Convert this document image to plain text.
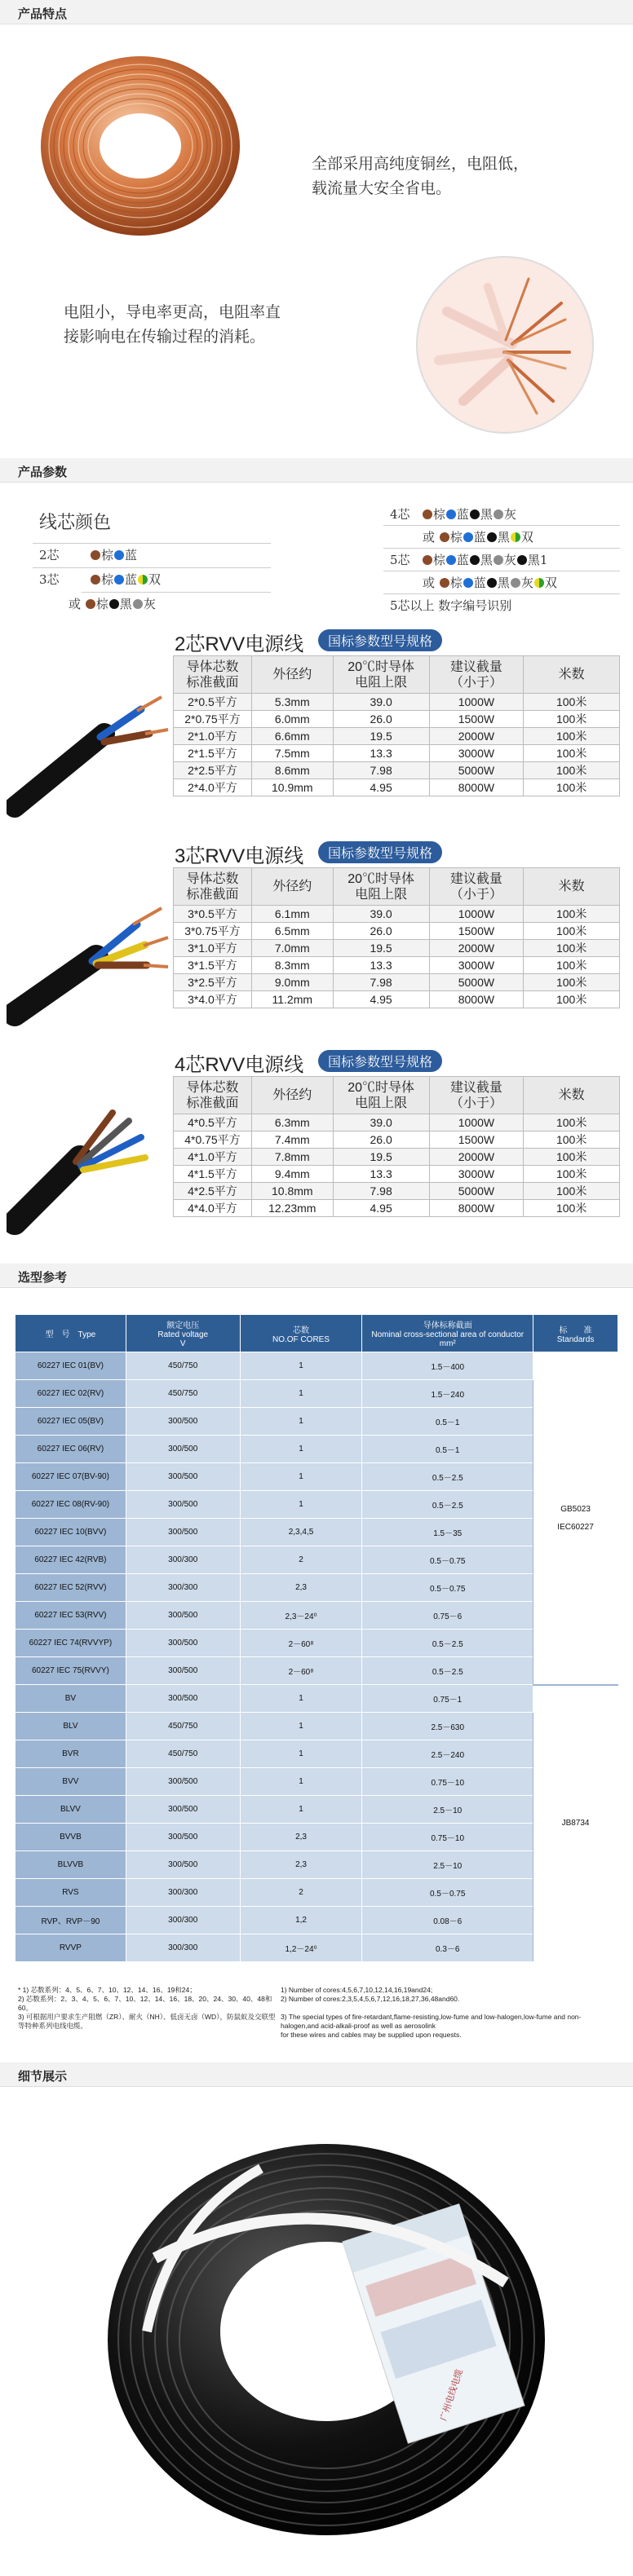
产品特点
全部采用高纯度铜丝，电阻低，
载流量大安全省电。
电阻小，导电率更高，电阻率直
接影响电在传输过程的消耗。
产品参数
线芯颜色
2芯	棕 蓝
3芯	棕 蓝 双
或 棕 黑 灰
4芯   棕 蓝 黑 灰
或 棕 蓝 黑 双
5芯   棕 蓝 黑 灰 黑1
或 棕 蓝 黑 灰 双
5芯以上 数字编号识别
2芯RVV电源线	国标参数型号规格
导体芯数
标准截面	外径约	20℃时导体
电阻上限	建议截量
（小于）	米数
2*0.5平方	5.3mm	39.0	1000W	100米
2*0.75平方	6.0mm	26.0	1500W	100米
2*1.0平方	6.6mm	19.5	2000W	100米
2*1.5平方	7.5mm	13.3	3000W	100米
2*2.5平方	8.6mm	7.98	5000W	100米
2*4.0平方	10.9mm	4.95	8000W	100米
3芯RVV电源线	国标参数型号规格
导体芯数
标准截面	外径约	20℃时导体
电阻上限	建议截量
（小于）	米数
3*0.5平方	6.1mm	39.0	1000W	100米
3*0.75平方	6.5mm	26.0	1500W	100米
3*1.0平方	7.0mm	19.5	2000W	100米
3*1.5平方	8.3mm	13.3	3000W	100米
3*2.5平方	9.0mm	7.98	5000W	100米
3*4.0平方	11.2mm	4.95	8000W	100米
4芯RVV电源线	国标参数型号规格
导体芯数
标准截面	外径约	20℃时导体
电阻上限	建议截量
（小于）	米数
4*0.5平方	6.3mm	39.0	1000W	100米
4*0.75平方	7.4mm	26.0	1500W	100米
4*1.0平方	7.8mm	19.5	2000W	100米
4*1.5平方	9.4mm	13.3	3000W	100米
4*2.5平方	10.8mm	7.98	5000W	100米
4*4.0平方	12.23mm	4.95	8000W	100米
选型参考
型　号　Type	额定电压
Rated voltage
V	芯数
NO.OF CORES	导体标称截面
Nominal cross-sectional area of conductor
mm²	标　　准
Standards
60227 IEC 01(BV)	450/750	1	1.5－400	GB5023

IEC60227
60227 IEC 02(RV)	450/750	1	1.5－240	
60227 IEC 05(BV)	300/500	1	0.5－1	
60227 IEC 06(RV)	300/500	1	0.5－1	
60227 IEC 07(BV-90)	300/500	1	0.5－2.5	
60227 IEC 08(RV-90)	300/500	1	0.5－2.5	
60227 IEC 10(BVV)	300/500	2,3,4,5	1.5－35	
60227 IEC 42(RVB)	300/300	2	0.5－0.75	
60227 IEC 52(RVV)	300/300	2,3	0.5－0.75	
60227 IEC 53(RVV)	300/500	2,3－24⁰	0.75－6	
60227 IEC 74(RVVYP)	300/500	2－60⁸	0.5－2.5	
60227 IEC 75(RVVY)	300/500	2－60⁸	0.5－2.5	
BV	300/500	1	0.75－1	JB8734
BLV	450/750	1	2.5－630	
BVR	450/750	1	2.5－240	
BVV	300/500	1	0.75－10	
BLVV	300/500	1	2.5－10	
BVVB	300/500	2,3	0.75－10	
BLVVB	300/500	2,3	2.5－10	
RVS	300/300	2	0.5－0.75	
RVP、RVP－90	300/300	1,2	0.08－6	
RVVP	300/300	1,2－24⁰	0.3－6	
* 1) 芯数系列：4、5、6、7、10、12、14、16、19和24；
2) 芯数系列：2、3、4、5、6、7、10、12、14、16、18、20、24、30、40、48和60。
3) 可根据用户要求生产阻燃（ZR）、耐火（NH）、低卤无卤（WD），防鼠蚁及交联型等特种系列电线电缆。
1) Number of cores:4,5,6,7,10,12,14,16,19and24;
2) Number of cores:2,3,5,4,5,6,7,12,16,18,27,36,48and60.
3) The special types of fire-retardant,flame-resisting,low-fume and low-halogen,low-fume and non-halogen,and acid-alkali-proof as well as aerosolink
for these wires and cables may be supplied upon requests.
细节展示
广州电线电缆
